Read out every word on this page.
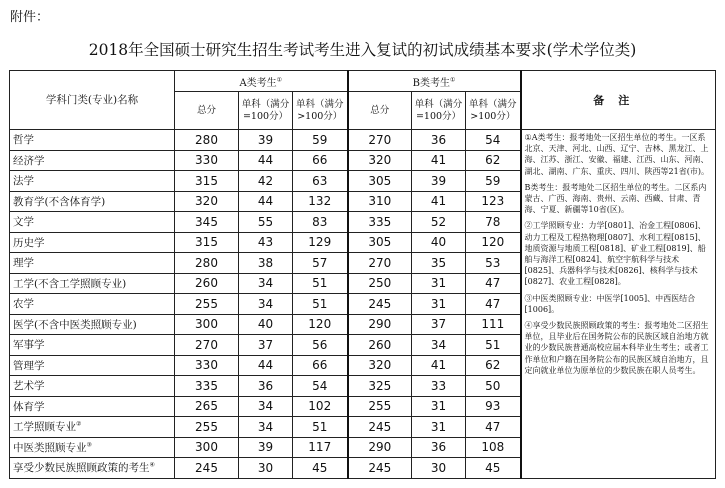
附件：
2018年全国硕士研究生招生考试考生进入复试的初试成绩基本要求(学术学位类)
学科门类(专业)名称	A类考生①			B类考生①			备注
	总分	单科（满分=100分）	单科（满分>100分）	总分	单科（满分=100分）	单科（满分>100分）	
哲学	280	39	59	270	36	54	①A类考生：报考地处一区招生单位的考生。一区系北京、天津、河北、山西、辽宁、吉林、黑龙江、上海、江苏、浙江、安徽、福建、江西、山东、河南、湖北、湖南、广东、重庆、四川、陕西等21省(市)。

B类考生：报考地处二区招生单位的考生。二区系内蒙古、广西、海南、贵州、云南、西藏、甘肃、青海、宁夏、新疆等10省(区)。

②工学照顾专业：力学[0801]、冶金工程[0806]、动力工程及工程热物理[0807]、水利工程[0815]、地质资源与地质工程[0818]、矿业工程[0819]、船舶与海洋工程[0824]、航空宇航科学与技术[0825]、兵器科学与技术[0826]、核科学与技术[0827]、农业工程[0828]。

③中医类照顾专业：中医学[1005]、中西医结合[1006]。

④享受少数民族照顾政策的考生：报考地处二区招生单位，且毕业后在国务院公布的民族区域自治地方就业的少数民族普通高校应届本科毕业生考生；或者工作单位和户籍在国务院公布的民族区域自治地方，且定向就业单位为原单位的少数民族在职人员考生。

经济学	330	44	66	320	41	62	
法学	315	42	63	305	39	59	
教育学(不含体育学)	320	44	132	310	41	123	
文学	345	55	83	335	52	78	
历史学	315	43	129	305	40	120	
理学	280	38	57	270	35	53	
工学(不含工学照顾专业)	260	34	51	250	31	47	
农学	255	34	51	245	31	47	
医学(不含中医类照顾专业)	300	40	120	290	37	111	
军事学	270	37	56	260	34	51	
管理学	330	44	66	320	41	62	
艺术学	335	36	54	325	33	50	
体育学	265	34	102	255	31	93	
工学照顾专业②	255	34	51	245	31	47	
中医类照顾专业③	300	39	117	290	36	108	
享受少数民族照顾政策的考生④	245	30	45	245	30	45	
